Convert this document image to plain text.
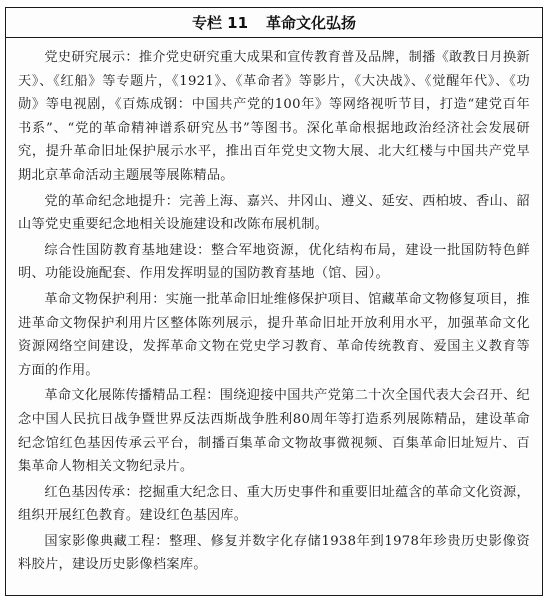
专栏 11 革命文化弘扬

党史研究展示：推介党史研究重大成果和宣传教育普及品牌，制播《敢教日月换新天》、《红船》等专题片，《1921》、《革命者》等影片，《大决战》、《觉醒年代》、《功勋》等电视剧，《百炼成钢：中国共产党的100年》等网络视听节目，打造“建党百年书系”、“党的革命精神谱系研究丛书”等图书。深化革命根据地政治经济社会发展研究，提升革命旧址保护展示水平，推出百年党史文物大展、北大红楼与中国共产党早期北京革命活动主题展等展陈精品。

党的革命纪念地提升：完善上海、嘉兴、井冈山、遵义、延安、西柏坡、香山、韶山等党史重要纪念地相关设施建设和改陈布展机制。

综合性国防教育基地建设：整合军地资源，优化结构布局，建设一批国防特色鲜明、功能设施配套、作用发挥明显的国防教育基地（馆、园）。

革命文物保护利用：实施一批革命旧址维修保护项目、馆藏革命文物修复项目，推进革命文物保护利用片区整体陈列展示，提升革命旧址开放利用水平，加强革命文化资源网络空间建设，发挥革命文物在党史学习教育、革命传统教育、爱国主义教育等方面的作用。

革命文化展陈传播精品工程：围绕迎接中国共产党第二十次全国代表大会召开、纪念中国人民抗日战争暨世界反法西斯战争胜利80周年等打造系列展陈精品，建设革命纪念馆红色基因传承云平台，制播百集革命文物故事微视频、百集革命旧址短片、百集革命人物相关文物纪录片。

红色基因传承：挖掘重大纪念日、重大历史事件和重要旧址蕴含的革命文化资源，组织开展红色教育。建设红色基因库。

国家影像典藏工程：整理、修复并数字化存储1938年到1978年珍贵历史影像资料胶片，建设历史影像档案库。
